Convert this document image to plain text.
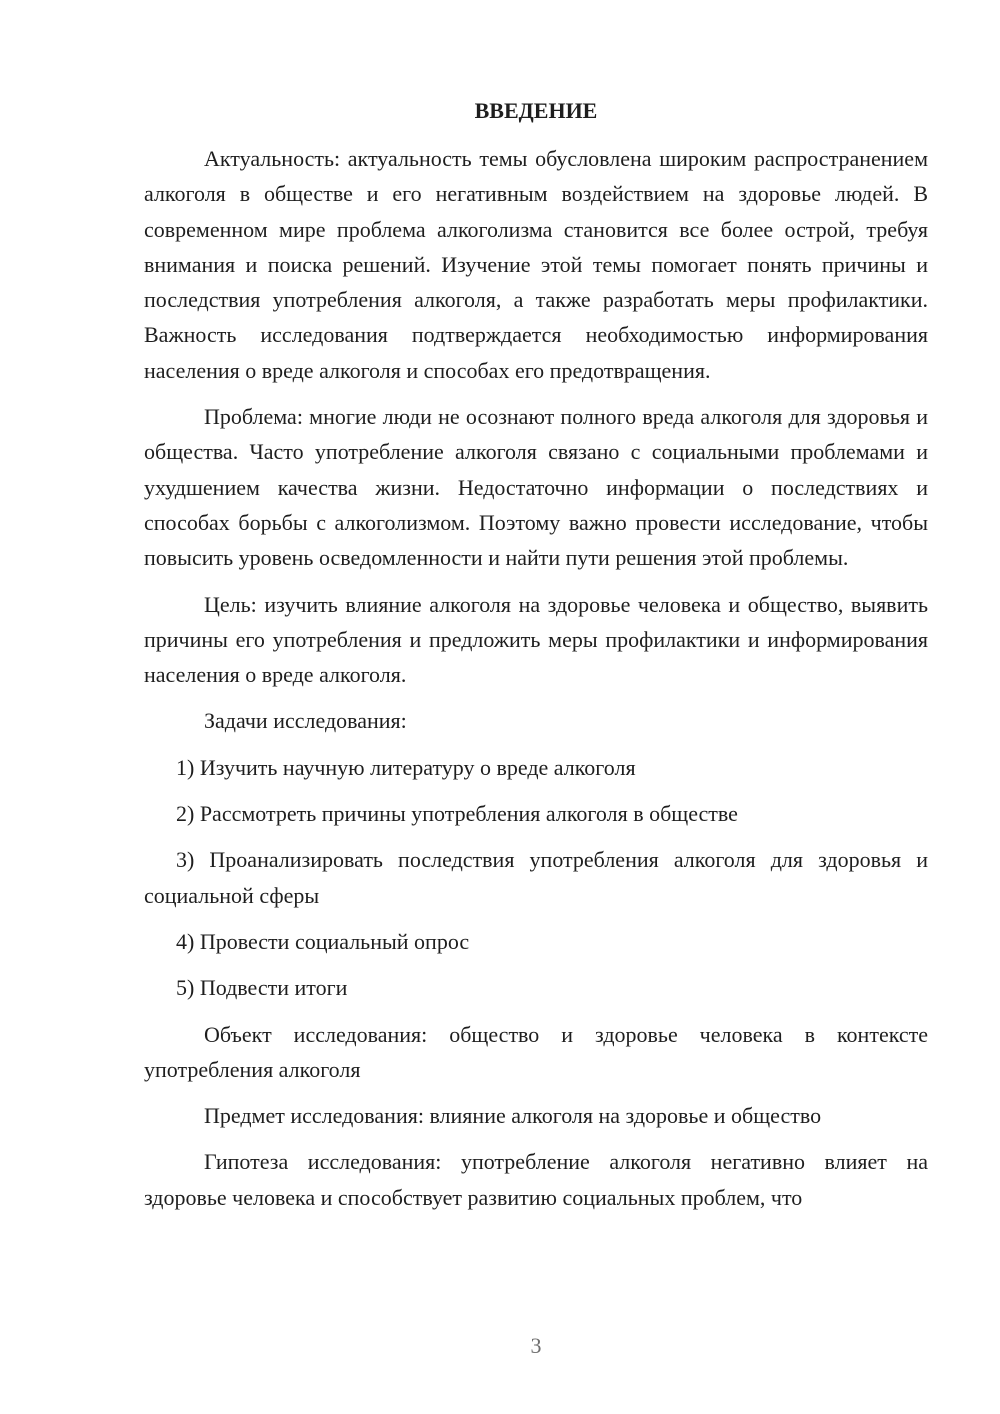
ВВЕДЕНИЕ

Актуальность: актуальность темы обусловлена широким распространением алкоголя в обществе и его негативным воздействием на здоровье людей. В современном мире проблема алкоголизма становится все более острой, требуя внимания и поиска решений. Изучение этой темы помогает понять причины и последствия употребления алкоголя, а также разработать меры профилактики. Важность исследования подтверждается необходимостью информирования населения о вреде алкоголя и способах его предотвращения.

Проблема: многие люди не осознают полного вреда алкоголя для здоровья и общества. Часто употребление алкоголя связано с социальными проблемами и ухудшением качества жизни. Недостаточно информации о последствиях и способах борьбы с алкоголизмом. Поэтому важно провести исследование, чтобы повысить уровень осведомленности и найти пути решения этой проблемы.

Цель: изучить влияние алкоголя на здоровье человека и общество, выявить причины его употребления и предложить меры профилактики и информирования населения о вреде алкоголя.

Задачи исследования:

1) Изучить научную литературу о вреде алкоголя

2) Рассмотреть причины употребления алкоголя в обществе

3) Проанализировать последствия употребления алкоголя для здоровья и социальной сферы

4) Провести социальный опрос

5) Подвести итоги

Объект исследования: общество и здоровье человека в контексте употребления алкоголя

Предмет исследования: влияние алкоголя на здоровье и общество

Гипотеза исследования: употребление алкоголя негативно влияет на здоровье человека и способствует развитию социальных проблем, что

3
